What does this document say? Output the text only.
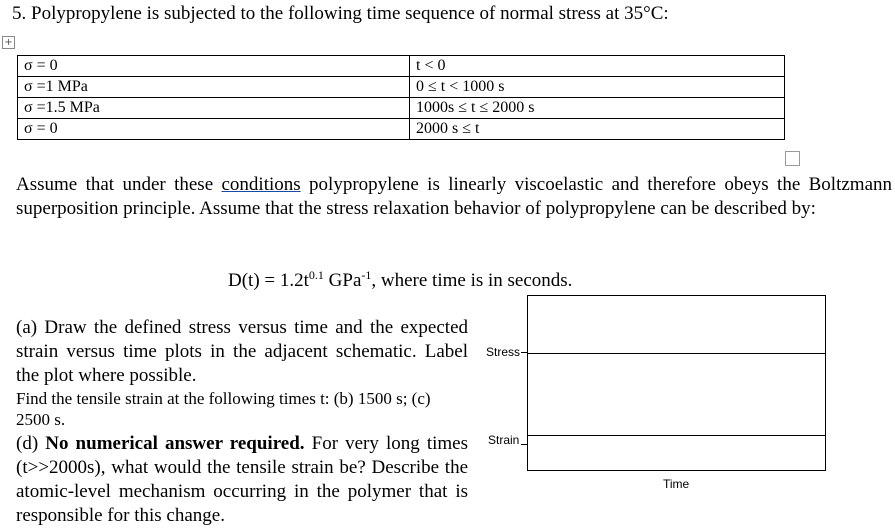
5. Polypropylene is subjected to the following time sequence of normal stress at 35°C:
+
σ = 0	t < 0
σ =1 MPa	0 ≤ t < 1000 s
σ =1.5 MPa	1000s ≤ t ≤ 2000 s
σ = 0	2000 s ≤ t
Assume that under these conditions polypropylene is linearly viscoelastic and therefore obeys the Boltzmann superposition principle. Assume that the stress relaxation behavior of polypropylene can be described by:
$D(t) = 1.2t^{0.1}$ GPa$^{-1}$, where time is in seconds.
(a) Draw the defined stress versus time and the expected strain versus time plots in the adjacent schematic. Label the plot where possible.
Find the tensile strain at the following times t: (b) 1500 s; (c) 2500 s.
(d) No numerical answer required. For very long times (t>>2000s), what would the tensile strain be? Describe the atomic-level mechanism occurring in the polymer that is responsible for this change.
Stress
Strain
Time
